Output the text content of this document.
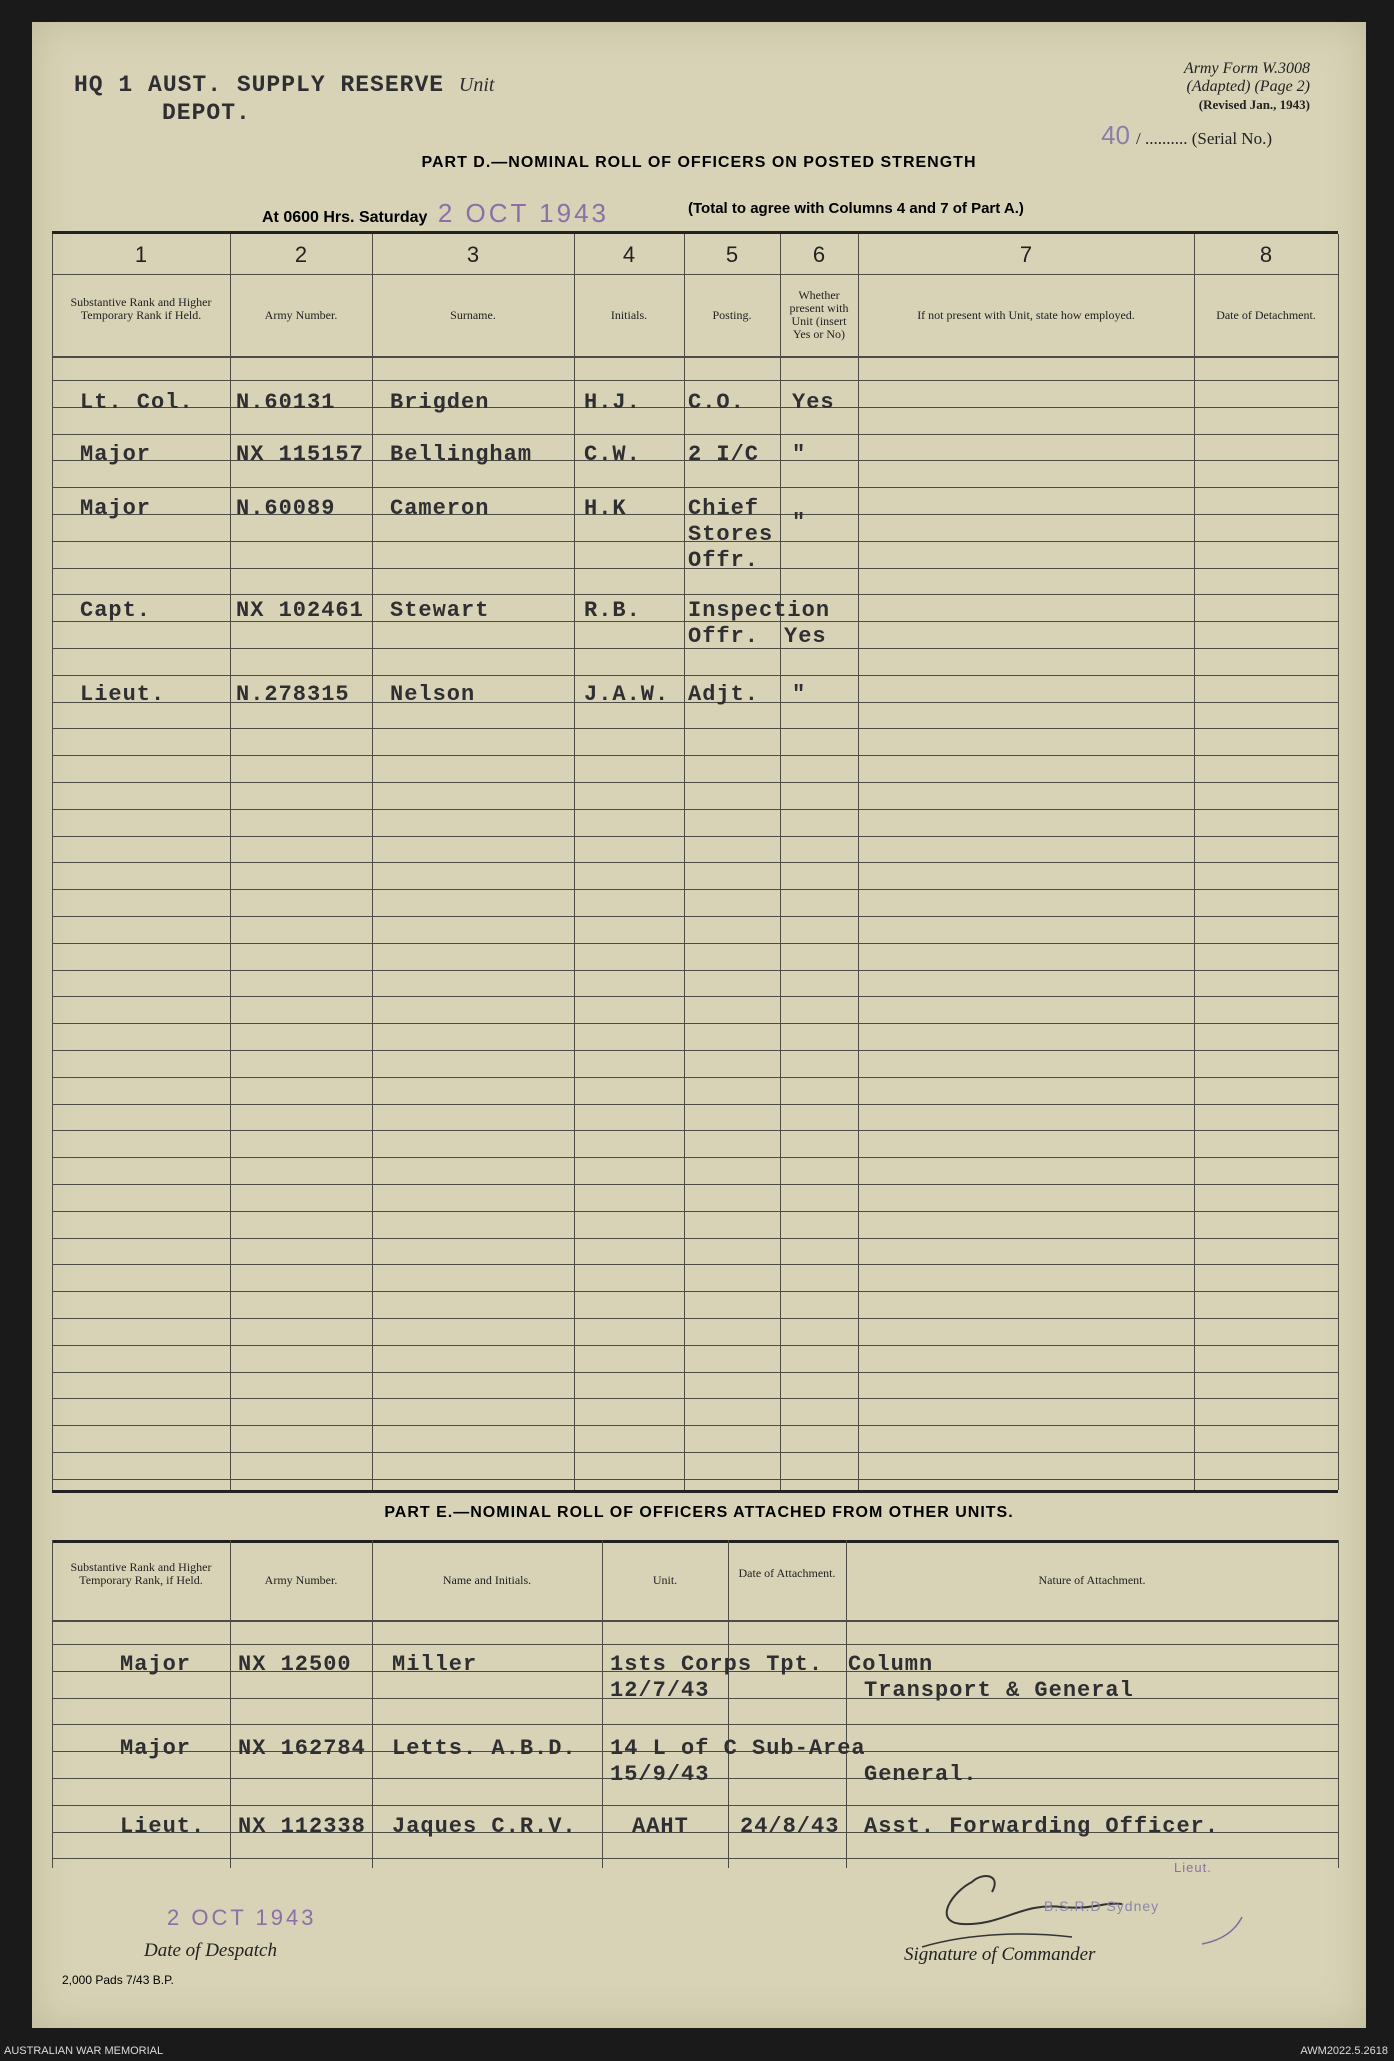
HQ 1 AUST. SUPPLY RESERVE Unit
DEPOT.
Army Form W.3008
(Adapted) (Page 2)
(Revised Jan., 1943)
40 / .......... (Serial No.)
PART D.—NOMINAL ROLL OF OFFICERS ON POSTED STRENGTH
At 0600 Hrs. Saturday 2 OCT 1943	(Total to agree with Columns 4 and 7 of Part A.)
1	2	3	4	5	6	7	8
Substantive Rank and Higher Temporary Rank if Held.	Army Number.	Surname.	Initials.	Posting.
Whether present with Unit (insert Yes or No)
If not present with Unit, state how employed.	Date of Detachment.
Lt. Col. N.60131 Brigden	H.J. C.O. Yes
Major	NX 115157 Bellingham C.W. 2 I/C "
Major	N.60089 Cameron	H.K	Chief
Stores
Offr.
"
Capt.	NX 102461 Stewart	R.B. Inspection
Offr. Yes
Lieut.	N.278315 Nelson	J.A.W. Adjt. "
PART E.—NOMINAL ROLL OF OFFICERS ATTACHED FROM OTHER UNITS.
Substantive Rank and Higher Temporary Rank, if Held.	Army Number.	Name and Initials.	Unit.	Date of Attachment.	Nature of Attachment.
Major NX 12500 Miller	1sts Corps Tpt. Column
12/7/43	Transport & General
Major NX 162784 Letts. A.B.D. 14 L of C Sub-Area
15/9/43	General.
Lieut. NX 112338 Jaques C.R.V.	AAHT 24/8/43 Asst. Forwarding Officer.
2 OCT 1943
Date of Despatch
2,000 Pads 7/43 B.P.
Lieut.
B.S.R.D Sydney
Signature of Commander
AUSTRALIAN WAR MEMORIAL	AWM2022.5.2618
